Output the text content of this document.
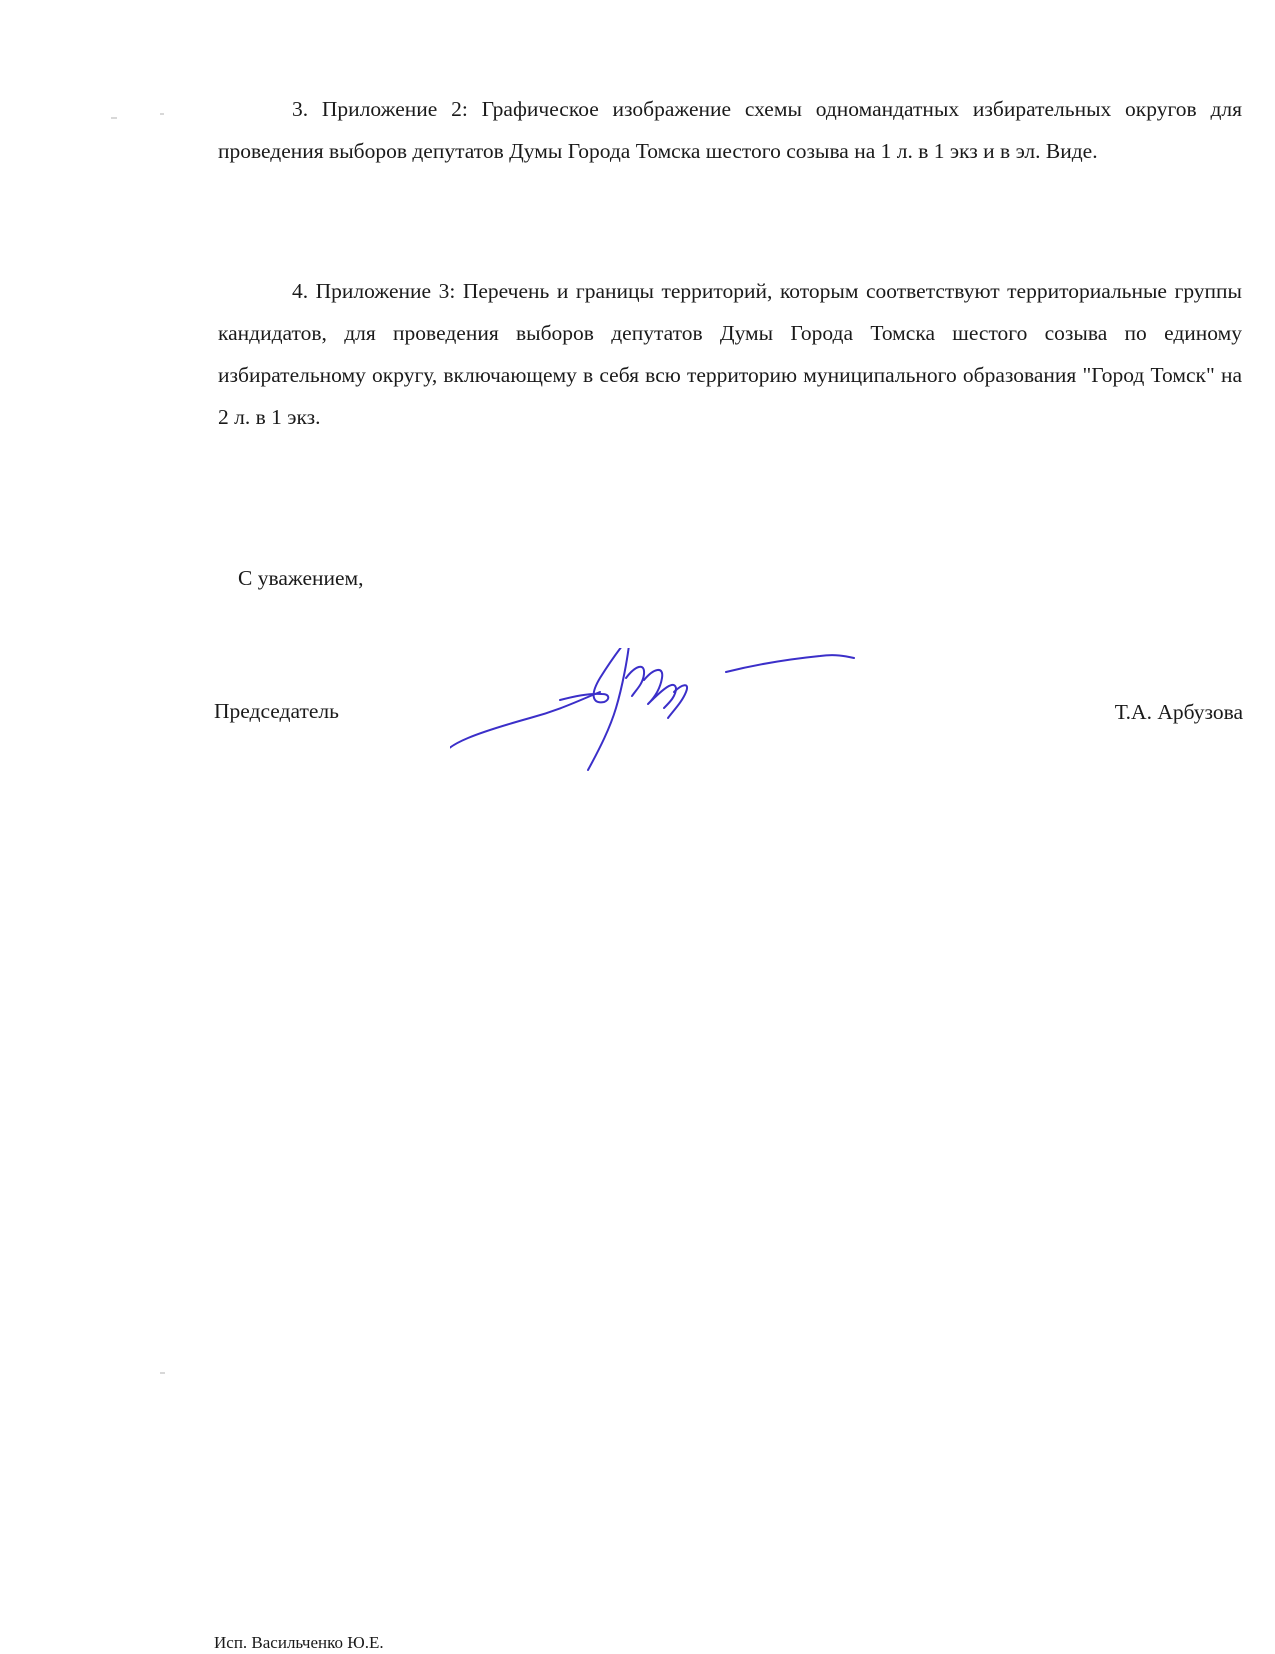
3. Приложение 2: Графическое изображение схемы одномандатных избирательных округов для проведения выборов депутатов Думы Города Томска шестого созыва на 1 л. в 1 экз и в эл. Виде.

4. Приложение 3: Перечень и границы территорий, которым соответствуют территориальные группы кандидатов, для проведения выборов депутатов Думы Города Томска шестого созыва по единому избирательному округу, включающему в себя всю территорию муниципального образования "Город Томск" на 2 л. в 1 экз.

С уважением,
Председатель	Т.А. Арбузова
Исп. Васильченко Ю.Е.
